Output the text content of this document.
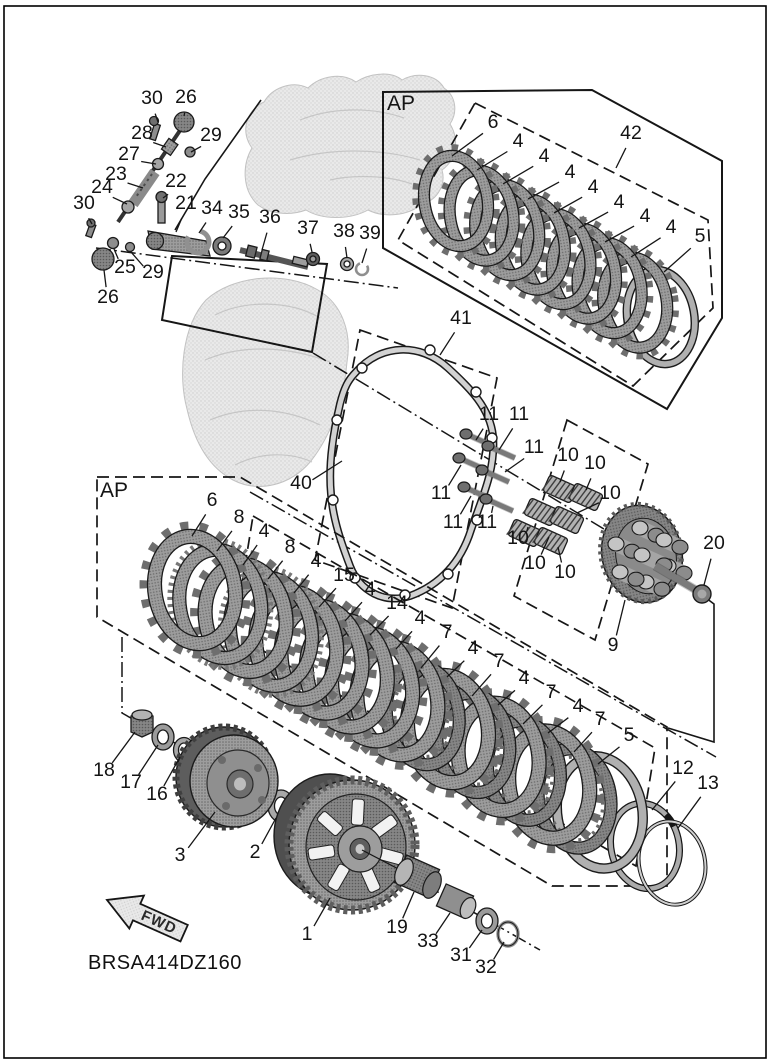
FWD
BRSA414DZ160
AP
AP
30 26
28 29
27
23
24	22
30	21 34 35 36 37 38 39
25 29
26
6
4
4
4
4
4
4 4
42
5
41
40
11 11
11
11
11 11
10 10
10
10
10 10
9
20
6
8
4
8
4
15
4
14
4
7
4
7
4
7
4
7
5
18
17
16
3	2
1	19
33
31
32
12
13
